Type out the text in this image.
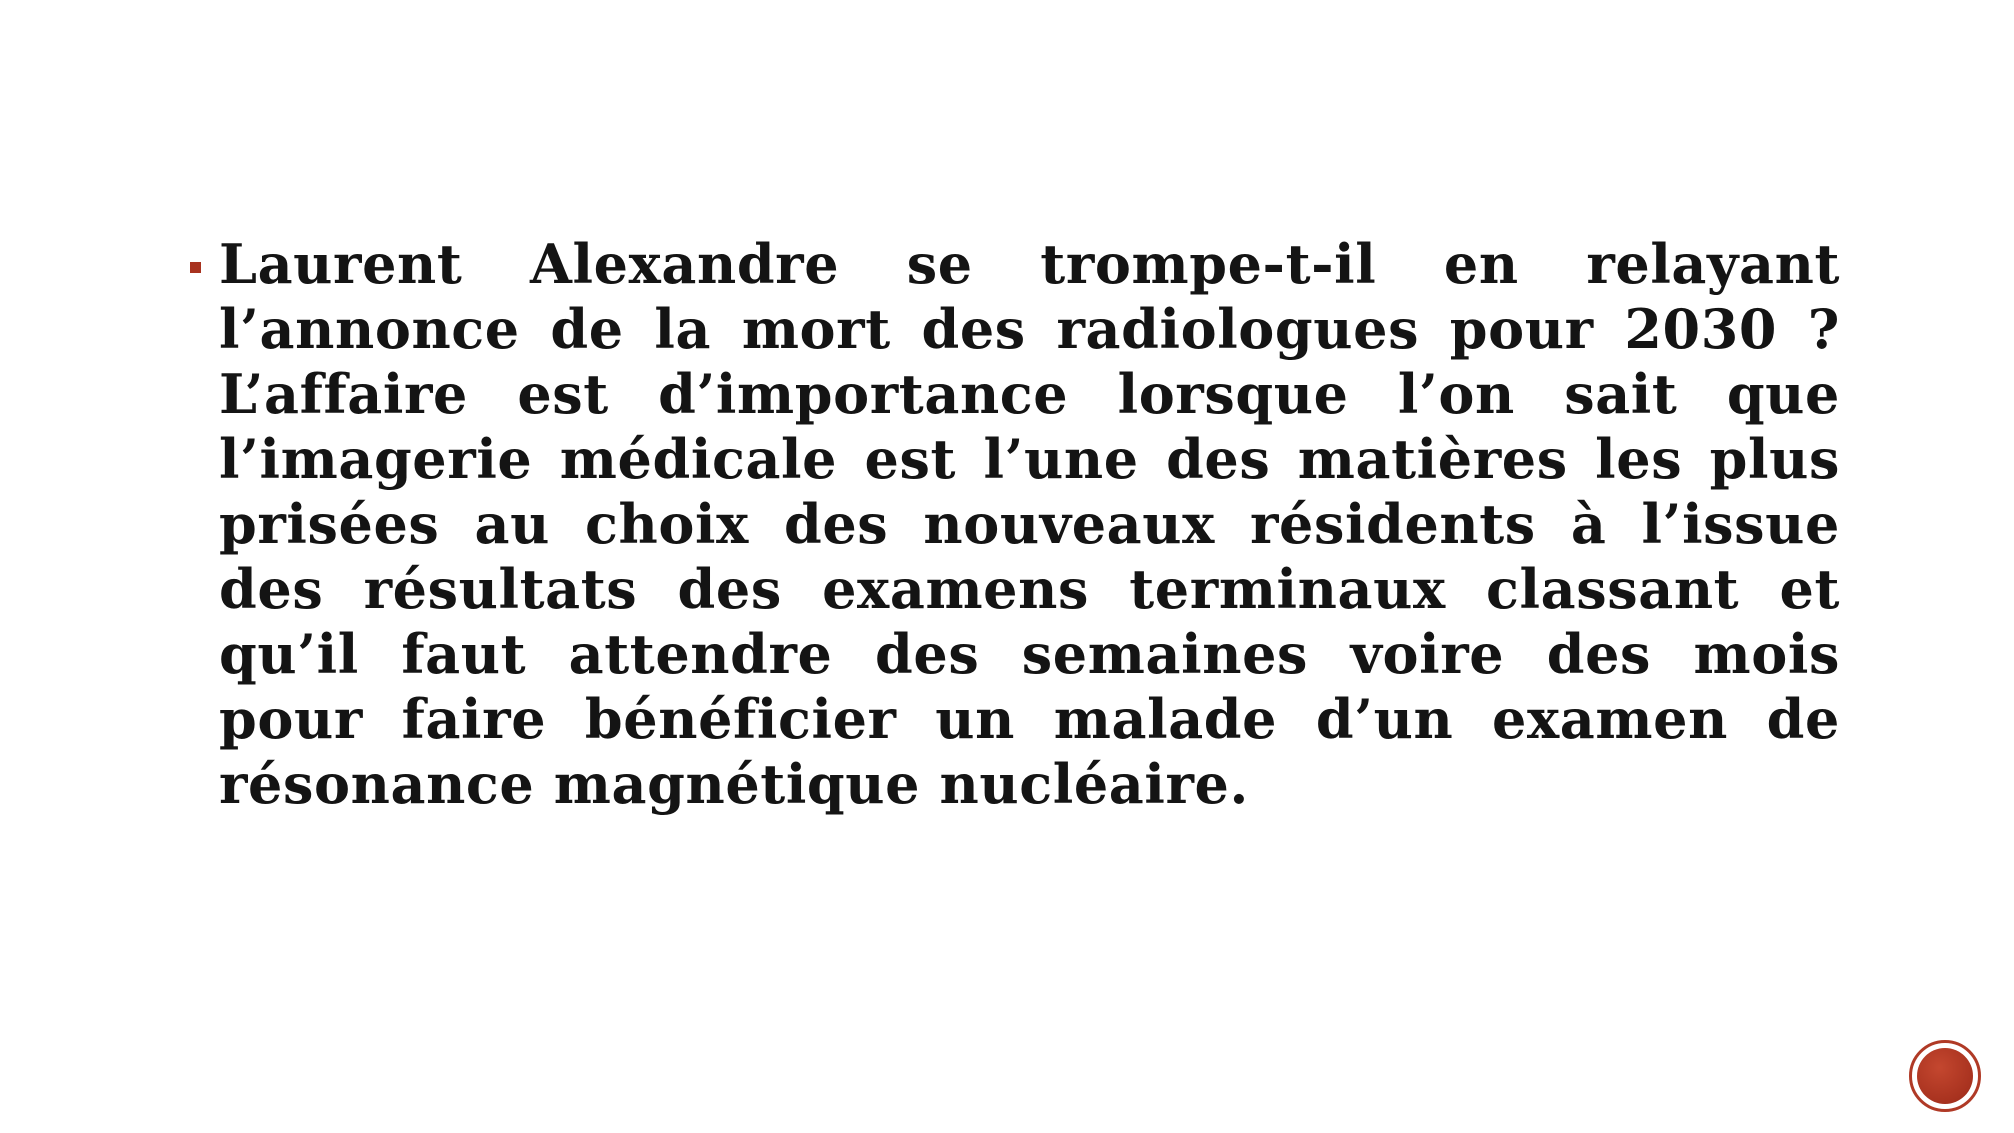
Laurent Alexandre se trompe-t-il en relayant l’annonce de la mort des radiologues pour 2030 ? L’affaire est d’importance lorsque l’on sait que l’imagerie médicale est l’une des matières les plus prisées au choix des nouveaux résidents à l’issue des résultats des examens terminaux classant et qu’il faut attendre des semaines voire des mois pour faire bénéficier un malade d’un examen de résonance magnétique nucléaire.
